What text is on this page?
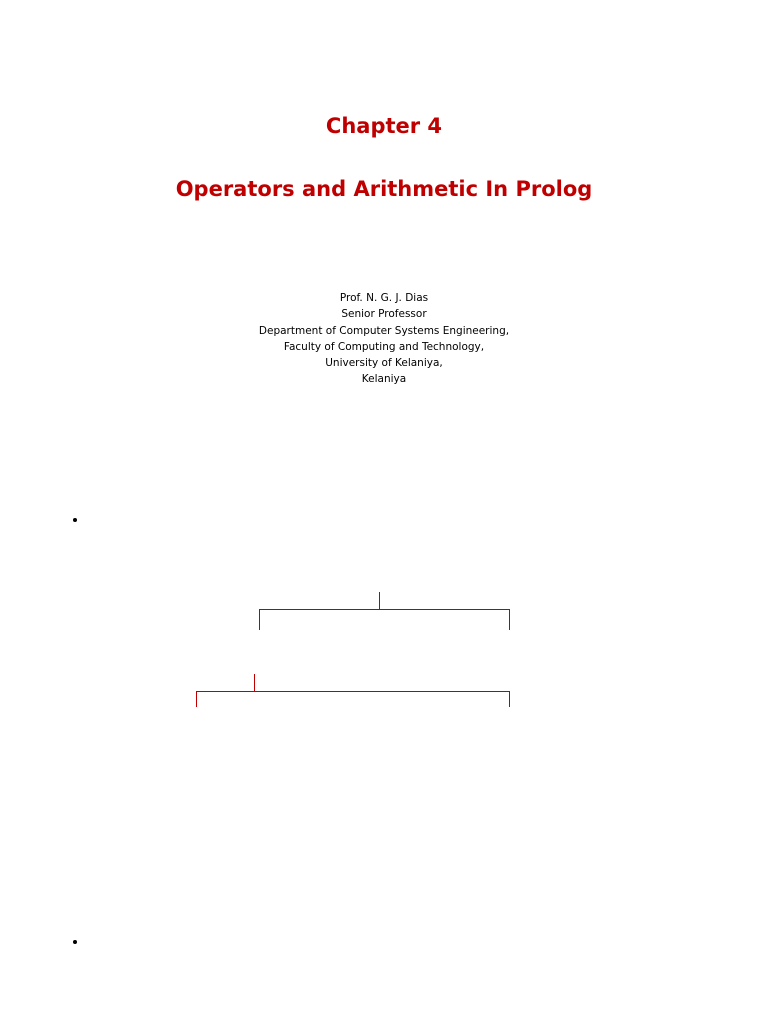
Chapter 4
Operators and Arithmetic In Prolog
Prof. N. G. J. Dias
Senior Professor
Department of Computer Systems Engineering,
Faculty of Computing and Technology,
University of Kelaniya,
Kelaniya
